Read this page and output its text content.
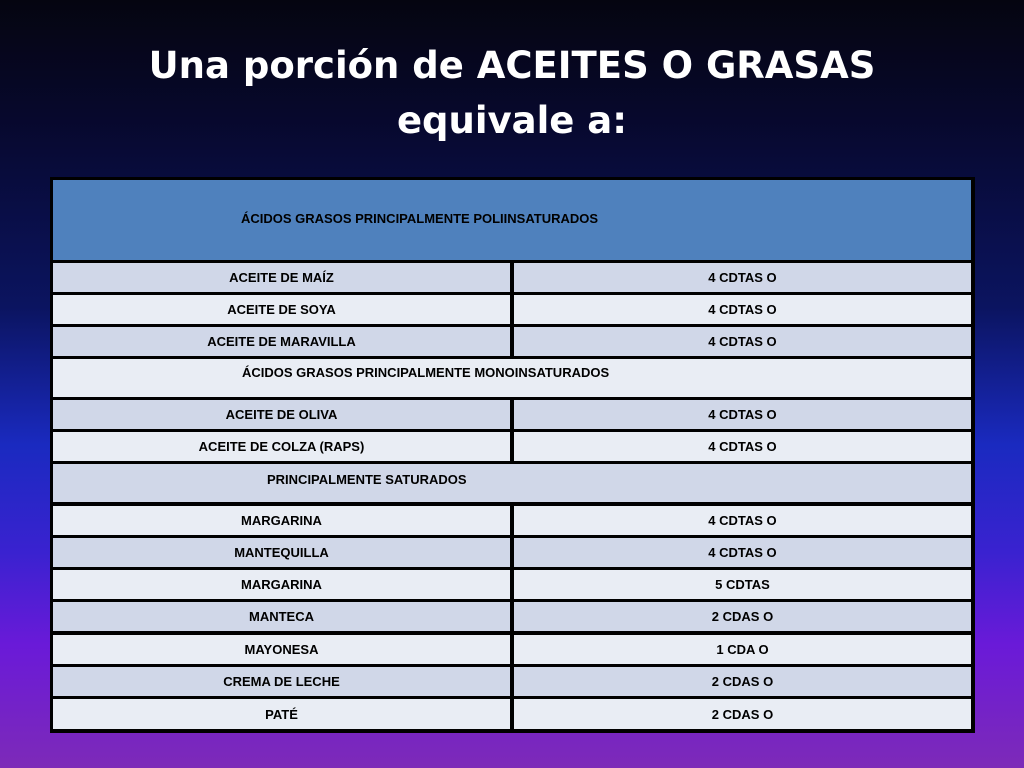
Una porción de ACEITES O GRASAS
equivale a:
ÁCIDOS GRASOS PRINCIPALMENTE POLIINSATURADOS
ACEITE DE MAÍZ	4 CDTAS O
ACEITE DE SOYA	4 CDTAS O
ACEITE DE MARAVILLA	4 CDTAS O
ÁCIDOS GRASOS PRINCIPALMENTE MONOINSATURADOS
ACEITE DE OLIVA	4 CDTAS O
ACEITE DE COLZA (RAPS)	4 CDTAS O
PRINCIPALMENTE SATURADOS
MARGARINA	4 CDTAS O
MANTEQUILLA	4 CDTAS O
MARGARINA	5 CDTAS
MANTECA	2 CDAS O
MAYONESA	1 CDA O
CREMA DE LECHE	2 CDAS O
PATÉ	2 CDAS O
